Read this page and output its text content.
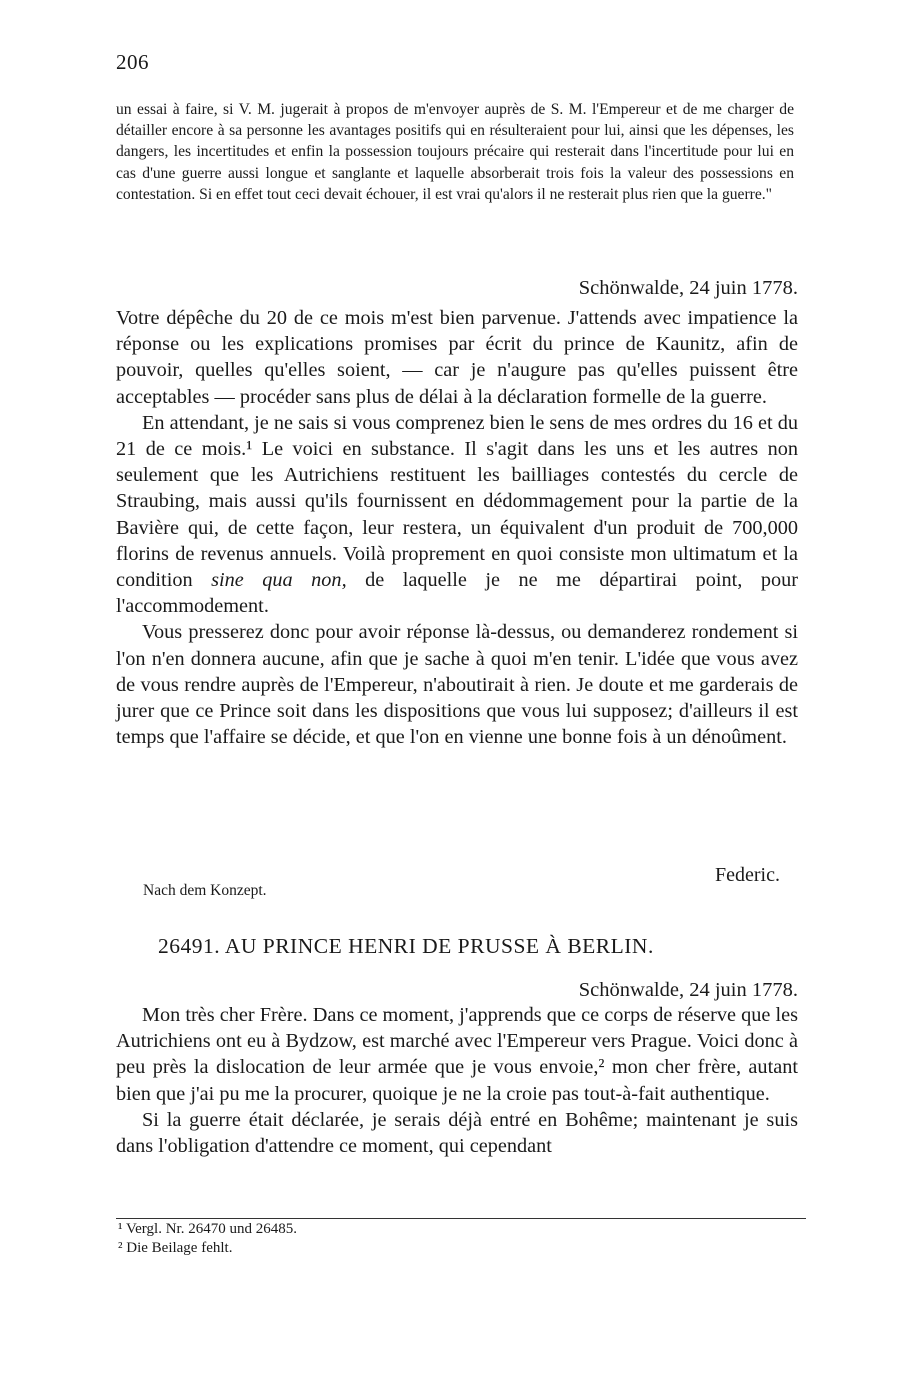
206

un essai à faire, si V. M. jugerait à propos de m'envoyer auprès de S. M. l'Empereur et de me charger de détailler encore à sa personne les avantages positifs qui en résulteraient pour lui, ainsi que les dépenses, les dangers, les incertitudes et enfin la possession toujours précaire qui resterait dans l'incertitude pour lui en cas d'une guerre aussi longue et sanglante et laquelle absorberait trois fois la valeur des possessions en contestation. Si en effet tout ceci devait échouer, il est vrai qu'alors il ne resterait plus rien que la guerre."

Schönwalde, 24 juin 1778.

Votre dépêche du 20 de ce mois m'est bien parvenue. J'attends avec impatience la réponse ou les explications promises par écrit du prince de Kaunitz, afin de pouvoir, quelles qu'elles soient, — car je n'augure pas qu'elles puissent être acceptables — procéder sans plus de délai à la déclaration formelle de la guerre.

En attendant, je ne sais si vous comprenez bien le sens de mes ordres du 16 et du 21 de ce mois.¹ Le voici en substance. Il s'agit dans les uns et les autres non seulement que les Autrichiens restituent les bailliages contestés du cercle de Straubing, mais aussi qu'ils fournissent en dédommagement pour la partie de la Bavière qui, de cette façon, leur restera, un équivalent d'un produit de 700,000 florins de revenus annuels. Voilà proprement en quoi consiste mon ultimatum et la condition sine qua non, de laquelle je ne me départirai point, pour l'accommodement.

Vous presserez donc pour avoir réponse là-dessus, ou demanderez rondement si l'on n'en donnera aucune, afin que je sache à quoi m'en tenir. L'idée que vous avez de vous rendre auprès de l'Empereur, n'aboutirait à rien. Je doute et me garderais de jurer que ce Prince soit dans les dispositions que vous lui supposez; d'ailleurs il est temps que l'affaire se décide, et que l'on en vienne une bonne fois à un dénoûment.

Federic.
Nach dem Konzept.
26491. AU PRINCE HENRI DE PRUSSE À BERLIN.
Schönwalde, 24 juin 1778.

Mon très cher Frère. Dans ce moment, j'apprends que ce corps de réserve que les Autrichiens ont eu à Bydzow, est marché avec l'Empereur vers Prague. Voici donc à peu près la dislocation de leur armée que je vous envoie,² mon cher frère, autant bien que j'ai pu me la procurer, quoique je ne la croie pas tout-à-fait authentique.

Si la guerre était déclarée, je serais déjà entré en Bohême; maintenant je suis dans l'obligation d'attendre ce moment, qui cependant

¹ Vergl. Nr. 26470 und 26485.
² Die Beilage fehlt.
